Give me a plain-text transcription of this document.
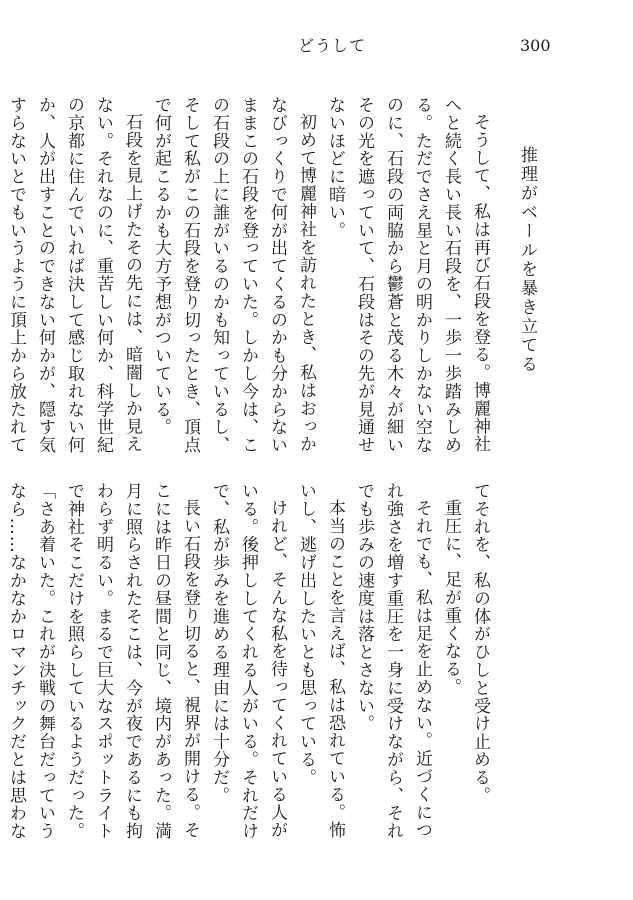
どうして	300
推理がベールを暴き立てる

そうして、私は再び石段を登る。博麗神社へと続く長い長い石段を、一歩一歩踏みしめる。ただでさえ星と月の明かりしかない空なのに、石段の両脇から鬱蒼と茂る木々が細いその光を遮っていて、石段はその先が見通せないほどに暗い。

初めて博麗神社を訪れたとき、私はおっかなびっくりで何が出てくるのかも分からないままこの石段を登っていた。しかし今は、この石段の上に誰がいるのかも知っているし、そして私がこの石段を登り切ったとき、頂点で何が起こるかも大方予想がついている。

石段を見上げたその先には、暗闇しか見えない。それなのに、重苦しい何か、科学世紀の京都に住んでいれば決して感じ取れない何か、人が出すことのできない何かが、隠す気すらないとでもいうように頂上から放たれて

てそれを、私の体がひしと受け止める。

重圧に、足が重くなる。

それでも、私は足を止めない。近づくにつれ強さを増す重圧を一身に受けながら、それでも歩みの速度は落とさない。

本当のことを言えば、私は恐れている。怖いし、逃げ出したいとも思っている。

けれど、そんな私を待ってくれている人がいる。後押ししてくれる人がいる。それだけで、私が歩みを進める理由には十分だ。

長い石段を登り切ると、視界が開ける。そこには昨日の昼間と同じ、境内があった。満月に照らされたそこは、今が夜であるにも拘わらず明るい。まるで巨大なスポットライトで神社そこだけを照らしているようだった。

「さあ着いた。これが決戦の舞台だっていうなら……なかなかロマンチックだとは思わな
